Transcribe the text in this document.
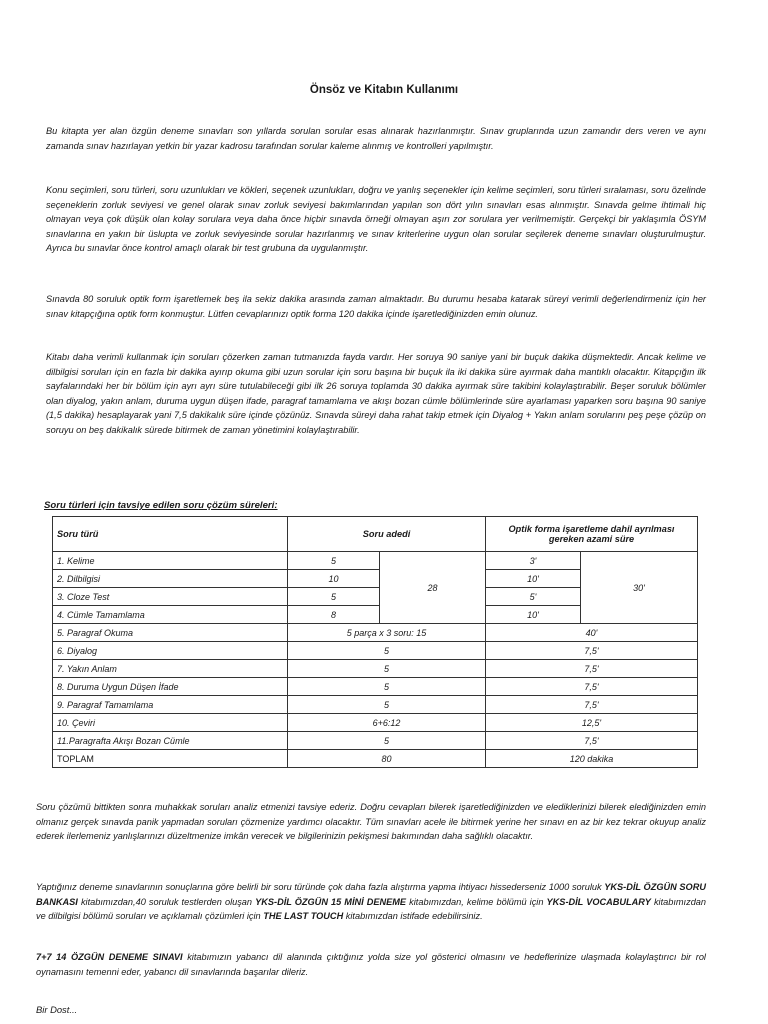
Önsöz ve Kitabın Kullanımı

Bu kitapta yer alan özgün deneme sınavları son yıllarda sorulan sorular esas alınarak hazırlanmıştır. Sınav gruplarında uzun zamandır ders veren ve aynı zamanda sınav hazırlayan yetkin bir yazar kadrosu tarafından sorular kaleme alınmış ve kontrolleri yapılmıştır.

Konu seçimleri, soru türleri, soru uzunlukları ve kökleri, seçenek uzunlukları, doğru ve yanlış seçenekler için kelime seçimleri, soru türleri sıralaması, soru özelinde seçeneklerin zorluk seviyesi ve genel olarak sınav zorluk seviyesi bakımlarından yapılan son dört yılın sınavları esas alınmıştır. Sınavda gelme ihtimali hiç olmayan veya çok düşük olan kolay sorulara veya daha önce hiçbir sınavda örneği olmayan aşırı zor sorulara yer verilmemiştir. Gerçekçi bir yaklaşımla ÖSYM sınavlarına en yakın bir üslupta ve zorluk seviyesinde sorular hazırlanmış ve sınav kriterlerine uygun olan sorular seçilerek deneme sınavları oluşturulmuştur. Ayrıca bu sınavlar önce kontrol amaçlı olarak bir test grubuna da uygulanmıştır.

Sınavda 80 soruluk optik form işaretlemek beş ila sekiz dakika arasında zaman almaktadır. Bu durumu hesaba katarak süreyi verimli değerlendirmeniz için her sınav kitapçığına optik form konmuştur. Lütfen cevaplarınızı optik forma 120 dakika içinde işaretlediğinizden emin olunuz.

Kitabı daha verimli kullanmak için soruları çözerken zaman tutmanızda fayda vardır. Her soruya 90 saniye yani bir buçuk dakika düşmektedir. Ancak kelime ve dilbilgisi soruları için en fazla bir dakika ayırıp okuma gibi uzun sorular için soru başına bir buçuk ila iki dakika süre ayırmak daha mantıklı olacaktır. Kitapçığın ilk sayfalarındaki her bir bölüm için ayrı ayrı süre tutulabileceği gibi ilk 26 soruya toplamda 30 dakika ayırmak süre takibini kolaylaştırabilir. Beşer soruluk bölümler olan diyalog, yakın anlam, duruma uygun düşen ifade, paragraf tamamlama ve akışı bozan cümle bölümlerinde süre ayarlaması yaparken soru başına 90 saniye (1,5 dakika) hesaplayarak yani 7,5 dakikalık süre içinde çözünüz. Sınavda süreyi daha rahat takip etmek için Diyalog + Yakın anlam sorularını peş peşe çözüp on soruyu on beş dakikalık sürede bitirmek de zaman yönetimini kolaylaştırabilir.

Soru türleri için tavsiye edilen soru çözüm süreleri:

Soru türü	Soru adedi		Optik forma işaretleme dahil ayrılması gereken azami süre	
1. Kelime	5	28	3'	30'
2. Dilbilgisi	10		10'	
3. Cloze Test	5		5'	
4. Cümle Tamamlama	8		10'	
5. Paragraf Okuma	5 parça x 3 soru: 15		40'	
6. Diyalog	5		7,5'	
7. Yakın Anlam	5		7,5'	
8. Duruma Uygun Düşen İfade	5		7,5'	
9. Paragraf Tamamlama	5		7,5'	
10. Çeviri	6+6:12		12,5'	
11.Paragrafta Akışı Bozan Cümle	5		7,5'	
TOPLAM	80		120 dakika	

Soru çözümü bittikten sonra muhakkak soruları analiz etmenizi tavsiye ederiz. Doğru cevapları bilerek işaretlediğinizden ve elediklerinizi bilerek elediğinizden emin olmanız gerçek sınavda panik yapmadan soruları çözmenize yardımcı olacaktır. Tüm sınavları acele ile bitirmek yerine her sınavı en az bir kez tekrar okuyup analiz ederek ilerlemeniz yanlışlarınızı düzeltmenize imkân verecek ve bilgilerinizin pekişmesi bakımından daha sağlıklı olacaktır.

Yaptığınız deneme sınavlarının sonuçlarına göre belirli bir soru türünde çok daha fazla alıştırma yapma ihtiyacı hissederseniz 1000 soruluk YKS-DİL ÖZGÜN SORU BANKASI kitabımızdan,40 soruluk testlerden oluşan YKS-DİL ÖZGÜN 15 MİNİ DENEME kitabımızdan, kelime bölümü için YKS-DİL VOCABULARY kitabımızdan ve dilbilgisi bölümü soruları ve açıklamalı çözümleri için THE LAST TOUCH kitabımızdan istifade edebilirsiniz.

7+7 14 ÖZGÜN DENEME SINAVI kitabımızın yabancı dil alanında çıktığınız yolda size yol gösterici olmasını ve hedeflerinize ulaşmada kolaylaştırıcı bir rol oynamasını temenni eder, yabancı dil sınavlarında başarılar dileriz.

Bir Dost...
